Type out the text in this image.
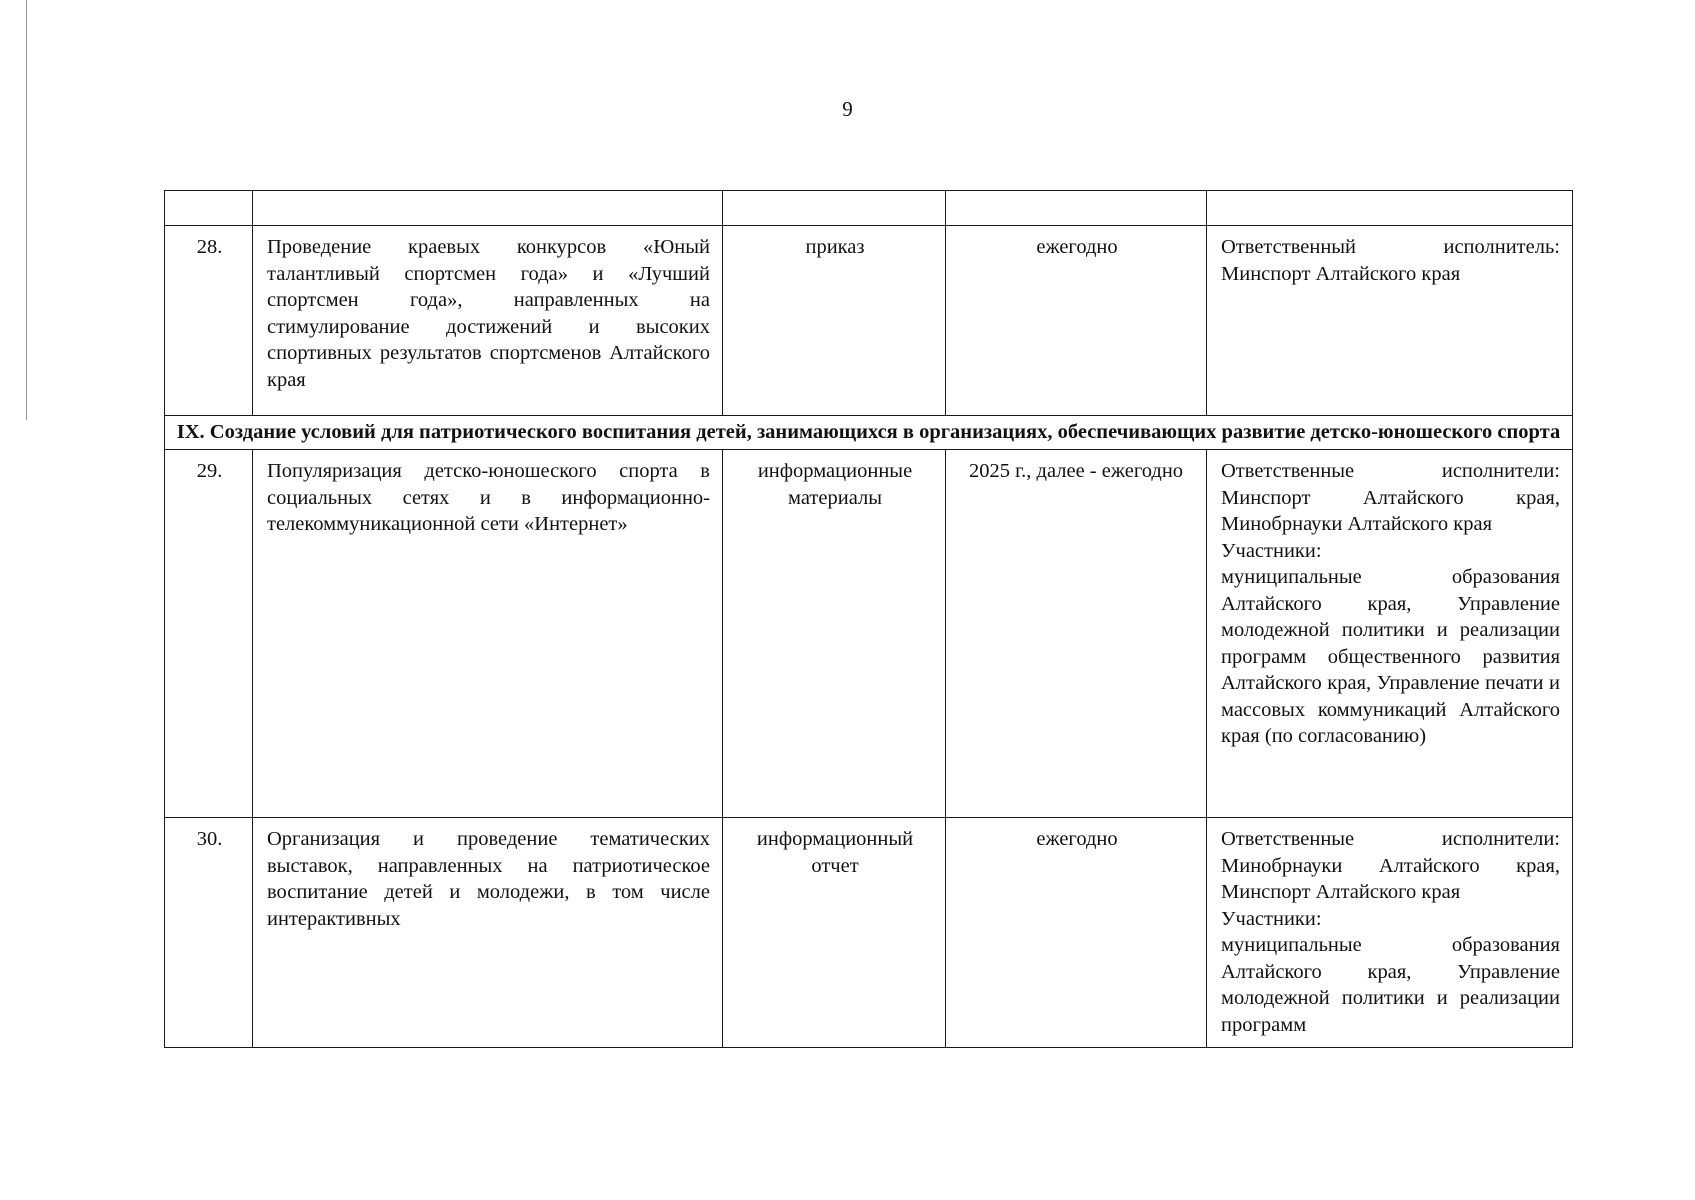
9

28.	Проведение краевых конкурсов «Юный талантливый спортсмен года» и «Лучший спортсмен года», направленных на стимулирование достижений и высоких спортивных результатов спортсменов Алтайского края	приказ	ежегодно	Ответственный исполнитель: Минспорт Алтайского края

IX. Создание условий для патриотического воспитания детей, занимающихся в организациях, обеспечивающих развитие детско-юношеского спорта				
29.	Популяризация детско-юношеского спорта в социальных сетях и в информационно-телекоммуникационной сети «Интернет»	информационные материалы	2025 г., далее - ежегодно	Ответственные исполнители: Минспорт Алтайского края, Минобрнауки Алтайского края
Участники:
муниципальные образования Алтайского края, Управление молодежной политики и реализации программ общественного развития Алтайского края, Управление печати и массовых коммуникаций Алтайского края (по согласованию)

30.	Организация и проведение тематических выставок, направленных на патриотическое воспитание детей и молодежи, в том числе интерактивных	информационный отчет	ежегодно	Ответственные исполнители: Минобрнауки Алтайского края, Минспорт Алтайского края
Участники:
муниципальные образования Алтайского края, Управление молодежной политики и реализации программ
